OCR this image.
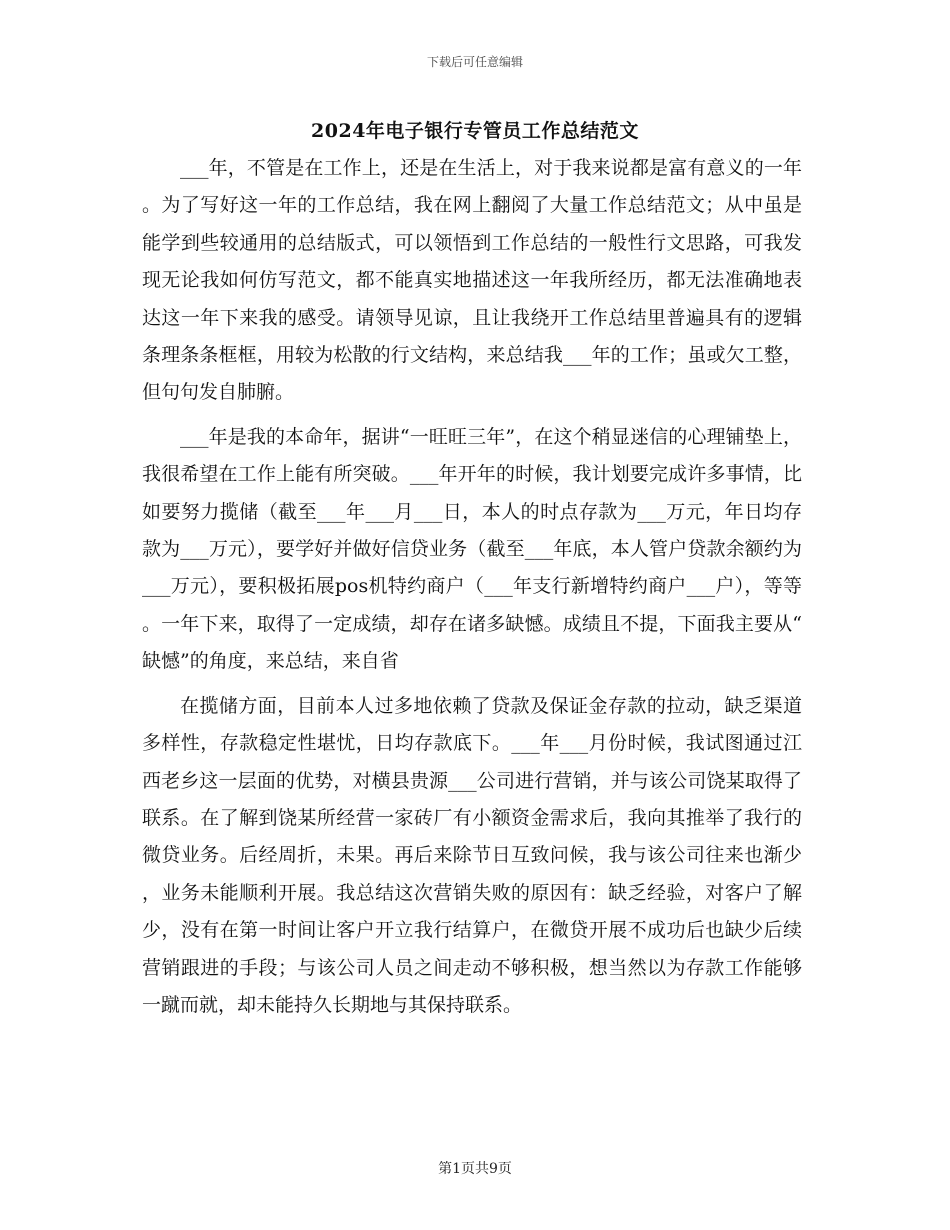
下载后可任意编辑
2024年电子银行专管员工作总结范文

___年，不管是在工作上，还是在生活上，对于我来说都是富有意义的一年。为了写好这一年的工作总结，我在网上翻阅了大量工作总结范文；从中虽是能学到些较通用的总结版式，可以领悟到工作总结的一般性行文思路，可我发现无论我如何仿写范文，都不能真实地描述这一年我所经历，都无法准确地表达这一年下来我的感受。请领导见谅，且让我绕开工作总结里普遍具有的逻辑条理条条框框，用较为松散的行文结构，来总结我___年的工作；虽或欠工整，但句句发自肺腑。

___年是我的本命年，据讲“一旺旺三年”，在这个稍显迷信的心理铺垫上，我很希望在工作上能有所突破。___年开年的时候，我计划要完成许多事情，比如要努力揽储（截至___年___月___日，本人的时点存款为___万元，年日均存款为___万元），要学好并做好信贷业务（截至___年底，本人管户贷款余额约为___万元），要积极拓展pos机特约商户（___年支行新增特约商户___户），等等。一年下来，取得了一定成绩，却存在诸多缺憾。成绩且不提，下面我主要从“缺憾”的角度，来总结，来自省

在揽储方面，目前本人过多地依赖了贷款及保证金存款的拉动，缺乏渠道多样性，存款稳定性堪忧，日均存款底下。___年___月份时候，我试图通过江西老乡这一层面的优势，对横县贵源___公司进行营销，并与该公司饶某取得了联系。在了解到饶某所经营一家砖厂有小额资金需求后，我向其推举了我行的微贷业务。后经周折，未果。再后来除节日互致问候，我与该公司往来也渐少，业务未能顺利开展。我总结这次营销失败的原因有：缺乏经验，对客户了解少，没有在第一时间让客户开立我行结算户，在微贷开展不成功后也缺少后续营销跟进的手段；与该公司人员之间走动不够积极，想当然以为存款工作能够一蹴而就，却未能持久长期地与其保持联系。

第1页共9页
